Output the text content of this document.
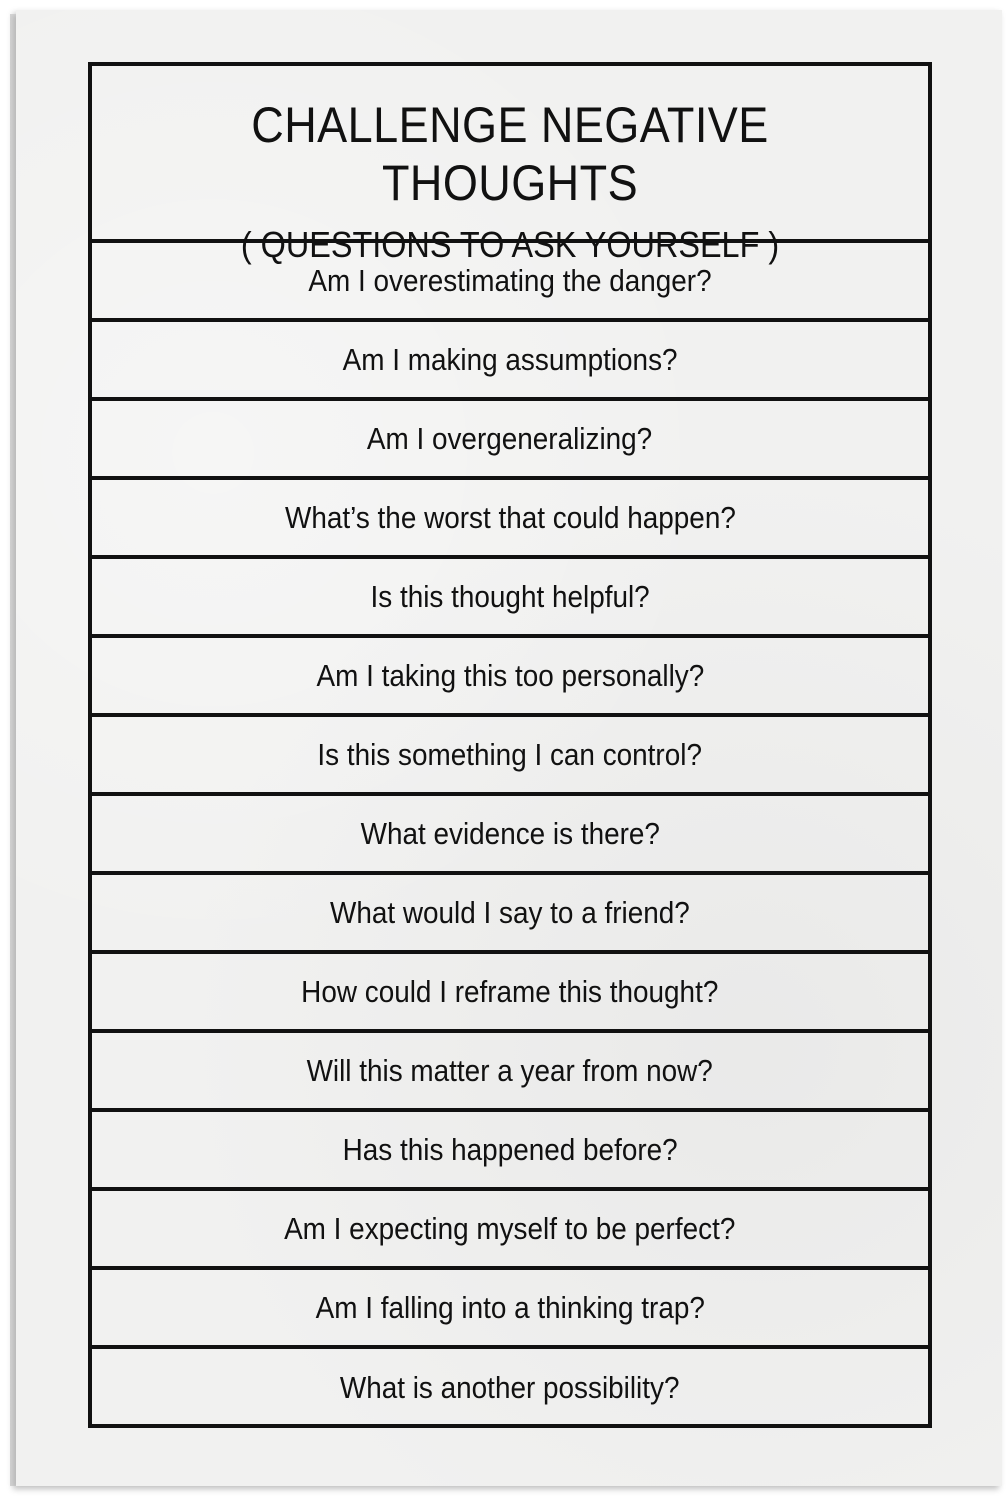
CHALLENGE NEGATIVE THOUGHTS
( QUESTIONS TO ASK YOURSELF )
Am I overestimating the danger?
Am I making assumptions?
Am I overgeneralizing?
What’s the worst that could happen?
Is this thought helpful?
Am I taking this too personally?
Is this something I can control?
What evidence is there?
What would I say to a friend?
How could I reframe this thought?
Will this matter a year from now?
Has this happened before?
Am I expecting myself to be perfect?
Am I falling into a thinking trap?
What is another possibility?
